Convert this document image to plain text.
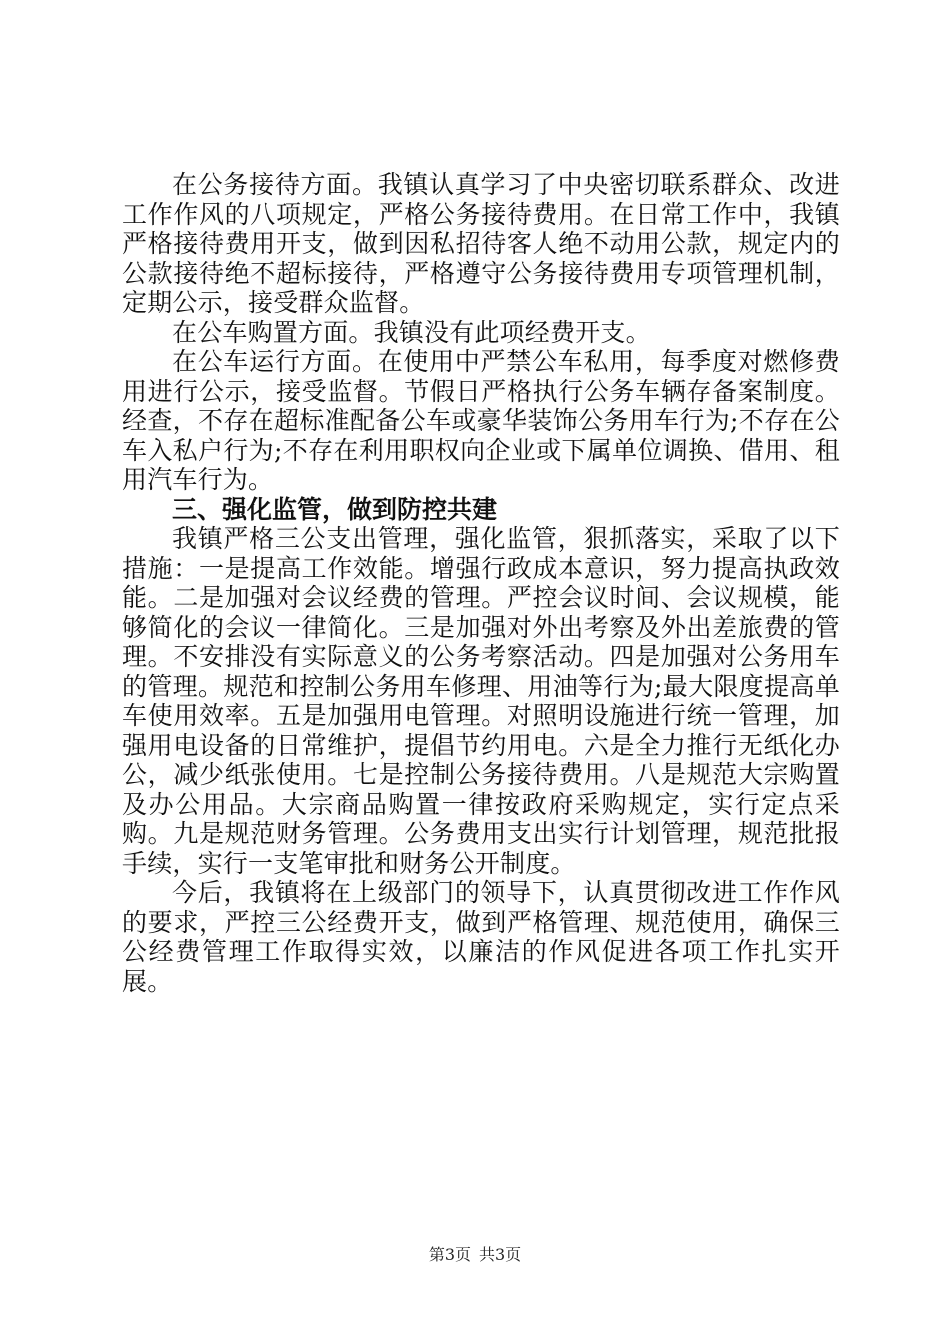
在公务接待方面。我镇认真学习了中央密切联系群众、改进工作作风的八项规定，严格公务接待费用。在日常工作中，我镇严格接待费用开支，做到因私招待客人绝不动用公款，规定内的公款接待绝不超标接待，严格遵守公务接待费用专项管理机制，定期公示，接受群众监督。

在公车购置方面。我镇没有此项经费开支。

在公车运行方面。在使用中严禁公车私用，每季度对燃修费用进行公示，接受监督。节假日严格执行公务车辆存备案制度。经查，不存在超标准配备公车或豪华装饰公务用车行为;不存在公车入私户行为;不存在利用职权向企业或下属单位调换、借用、租用汽车行为。

三、强化监管，做到防控共建

我镇严格三公支出管理，强化监管，狠抓落实，采取了以下措施：一是提高工作效能。增强行政成本意识，努力提高执政效能。二是加强对会议经费的管理。严控会议时间、会议规模，能够简化的会议一律简化。三是加强对外出考察及外出差旅费的管理。不安排没有实际意义的公务考察活动。四是加强对公务用车的管理。规范和控制公务用车修理、用油等行为;最大限度提高单车使用效率。五是加强用电管理。对照明设施进行统一管理，加强用电设备的日常维护，提倡节约用电。六是全力推行无纸化办公，减少纸张使用。七是控制公务接待费用。八是规范大宗购置及办公用品。大宗商品购置一律按政府采购规定，实行定点采购。九是规范财务管理。公务费用支出实行计划管理，规范批报手续，实行一支笔审批和财务公开制度。

今后，我镇将在上级部门的领导下，认真贯彻改进工作作风的要求，严控三公经费开支，做到严格管理、规范使用，确保三公经费管理工作取得实效，以廉洁的作风促进各项工作扎实开展。

第3页 共3页
